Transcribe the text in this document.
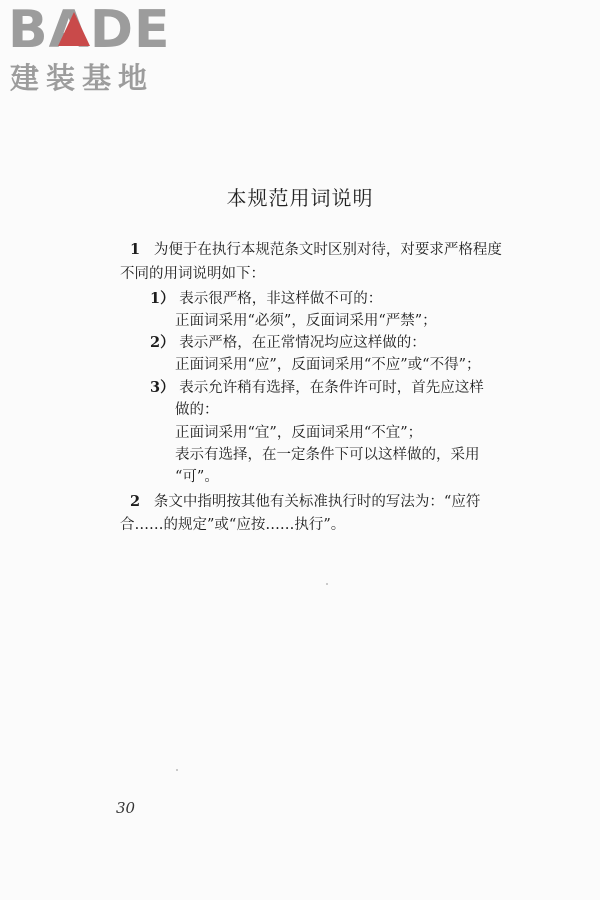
BADE
建装基地
本规范用词说明
1 为便于在执行本规范条文时区别对待，对要求严格程度
不同的用词说明如下：
1） 表示很严格，非这样做不可的：
正面词采用“必须”，反面词采用“严禁”；
2） 表示严格，在正常情况均应这样做的：
正面词采用“应”，反面词采用“不应”或“不得”；
3） 表示允许稍有选择，在条件许可时，首先应这样
做的：
正面词采用“宜”，反面词采用“不宜”；
表示有选择，在一定条件下可以这样做的，采用
“可”。
2 条文中指明按其他有关标准执行时的写法为：“应符
合……的规定”或“应按……执行”。
30
